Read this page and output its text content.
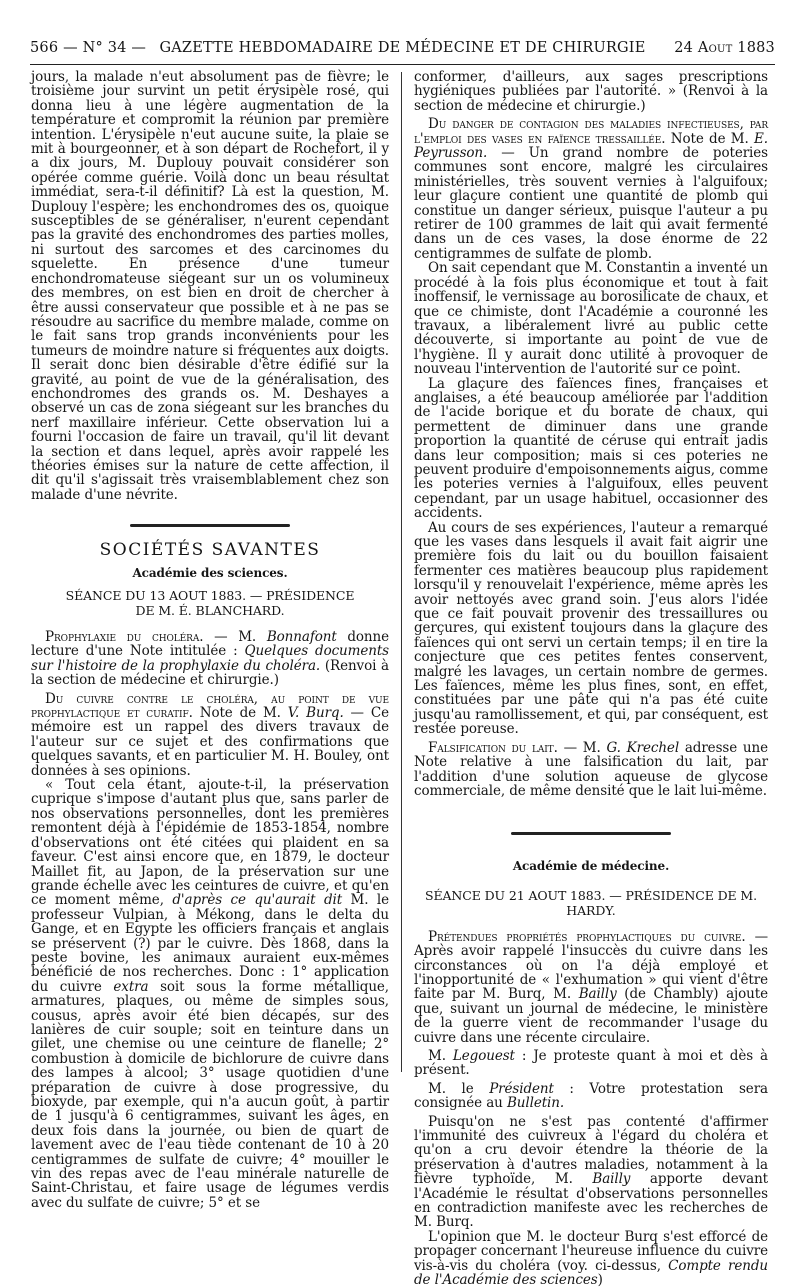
566 — N° 34 — GAZETTE HEBDOMADAIRE DE MÉDECINE ET DE CHIRURGIE	24 Aout 1883

jours, la malade n'eut absolument pas de fièvre; le troisième jour survint un petit érysipèle rosé, qui donna lieu à une légère augmentation de la température et compromit la réunion par première intention. L'érysipèle n'eut aucune suite, la plaie se mit à bourgeonner, et à son départ de Rochefort, il y a dix jours, M. Duplouy pouvait considérer son opérée comme guérie. Voilà donc un beau résultat immédiat, sera-t-il définitif? Là est la question, M. Duplouy l'espère; les enchondromes des os, quoique susceptibles de se généraliser, n'eurent cependant pas la gravité des enchondromes des parties molles, ni surtout des sarcomes et des carcinomes du squelette. En présence d'une tumeur enchondromateuse siégeant sur un os volumineux des membres, on est bien en droit de chercher à être aussi conservateur que possible et à ne pas se résoudre au sacrifice du membre malade, comme on le fait sans trop grands inconvénients pour les tumeurs de moindre nature si fréquentes aux doigts. Il serait donc bien désirable d'être édifié sur la gravité, au point de vue de la généralisation, des enchondromes des grands os. M. Deshayes a observé un cas de zona siégeant sur les branches du nerf maxillaire inférieur. Cette observation lui a fourni l'occasion de faire un travail, qu'il lit devant la section et dans lequel, après avoir rappelé les théories émises sur la nature de cette affection, il dit qu'il s'agissait très vraisemblablement chez son malade d'une névrite.

SOCIÉTÉS SAVANTES
Académie des sciences.
SÉANCE DU 13 AOUT 1883. — PRÉSIDENCE
DE M. É. BLANCHARD.

Prophylaxie du choléra. — M. Bonnafont donne lecture d'une Note intitulée : Quelques documents sur l'histoire de la prophylaxie du choléra. (Renvoi à la section de médecine et chirurgie.)

Du cuivre contre le choléra, au point de vue prophylactique et curatif. Note de M. V. Burq. — Ce mémoire est un rappel des divers travaux de l'auteur sur ce sujet et des confirmations que quelques savants, et en particulier M. H. Bouley, ont données à ses opinions.

« Tout cela étant, ajoute-t-il, la préservation cuprique s'impose d'autant plus que, sans parler de nos observations personnelles, dont les premières remontent déjà à l'épidémie de 1853-1854, nombre d'observations ont été citées qui plaident en sa faveur. C'est ainsi encore que, en 1879, le docteur Maillet fit, au Japon, de la préservation sur une grande échelle avec les ceintures de cuivre, et qu'en ce moment même, d'après ce qu'aurait dit M. le professeur Vulpian, à Mékong, dans le delta du Gange, et en Egypte les officiers français et anglais se préservent (?) par le cuivre. Dès 1868, dans la peste bovine, les animaux auraient eux-mêmes bénéficié de nos recherches. Donc : 1° application du cuivre extra soit sous la forme métallique, armatures, plaques, ou même de simples sous, cousus, après avoir été bien décapés, sur des lanières de cuir souple; soit en teinture dans un gilet, une chemise ou une ceinture de flanelle; 2° combustion à domicile de bichlorure de cuivre dans des lampes à alcool; 3° usage quotidien d'une préparation de cuivre à dose progressive, du bioxyde, par exemple, qui n'a aucun goût, à partir de 1 jusqu'à 6 centigrammes, suivant les âges, en deux fois dans la journée, ou bien de quart de lavement avec de l'eau tiède contenant de 10 à 20 centigrammes de sulfate de cuivre; 4° mouiller le vin des repas avec de l'eau minérale naturelle de Saint-Christau, et faire usage de légumes verdis avec du sulfate de cuivre; 5° et se

conformer, d'ailleurs, aux sages prescriptions hygiéniques publiées par l'autorité. » (Renvoi à la section de médecine et chirurgie.)

Du danger de contagion des maladies infectieuses, par l'emploi des vases en faïence tressaillée. Note de M. E. Peyrusson. — Un grand nombre de poteries communes sont encore, malgré les circulaires ministérielles, très souvent vernies à l'alguifoux; leur glaçure contient une quantité de plomb qui constitue un danger sérieux, puisque l'auteur a pu retirer de 100 grammes de lait qui avait fermenté dans un de ces vases, la dose énorme de 22 centigrammes de sulfate de plomb.

On sait cependant que M. Constantin a inventé un procédé à la fois plus économique et tout à fait inoffensif, le vernissage au borosilicate de chaux, et que ce chimiste, dont l'Académie a couronné les travaux, a libéralement livré au public cette découverte, si importante au point de vue de l'hygiène. Il y aurait donc utilité à provoquer de nouveau l'intervention de l'autorité sur ce point.

La glaçure des faïences fines, françaises et anglaises, a été beaucoup améliorée par l'addition de l'acide borique et du borate de chaux, qui permettent de diminuer dans une grande proportion la quantité de céruse qui entrait jadis dans leur composition; mais si ces poteries ne peuvent produire d'empoisonnements aigus, comme les poteries vernies à l'alguifoux, elles peuvent cependant, par un usage habituel, occasionner des accidents.

Au cours de ses expériences, l'auteur a remarqué que les vases dans lesquels il avait fait aigrir une première fois du lait ou du bouillon faisaient fermenter ces matières beaucoup plus rapidement lorsqu'il y renouvelait l'expérience, même après les avoir nettoyés avec grand soin. J'eus alors l'idée que ce fait pouvait provenir des tressaillures ou gerçures, qui existent toujours dans la glaçure des faïences qui ont servi un certain temps; il en tire la conjecture que ces petites fentes conservent, malgré les lavages, un certain nombre de germes. Les faïences, même les plus fines, sont, en effet, constituées par une pâte qui n'a pas été cuite jusqu'au ramollissement, et qui, par conséquent, est restée poreuse.

Falsification du lait. — M. G. Krechel adresse une Note relative à une falsification du lait, par l'addition d'une solution aqueuse de glycose commerciale, de même densité que le lait lui-même.

Académie de médecine.
SÉANCE DU 21 AOUT 1883. — PRÉSIDENCE DE M. HARDY.

Prétendues propriétés prophylactiques du cuivre. — Après avoir rappelé l'insuccès du cuivre dans les circonstances où on l'a déjà employé et l'inopportunité de « l'exhumation » qui vient d'être faite par M. Burq, M. Bailly (de Chambly) ajoute que, suivant un journal de médecine, le ministère de la guerre vient de recommander l'usage du cuivre dans une récente circulaire.

M. Legouest : Je proteste quant à moi et dès à présent.

M. le Président : Votre protestation sera consignée au Bulletin.

Puisqu'on ne s'est pas contenté d'affirmer l'immunité des cuivreux à l'égard du choléra et qu'on a cru devoir étendre la théorie de la préservation à d'autres maladies, notamment à la fièvre typhoïde, M. Bailly apporte devant l'Académie le résultat d'observations personnelles en contradiction manifeste avec les recherches de M. Burq.

L'opinion que M. le docteur Burq s'est efforcé de propager concernant l'heureuse influence du cuivre vis-à-vis du choléra (voy. ci-dessus, Compte rendu de l'Académie des sciences)
